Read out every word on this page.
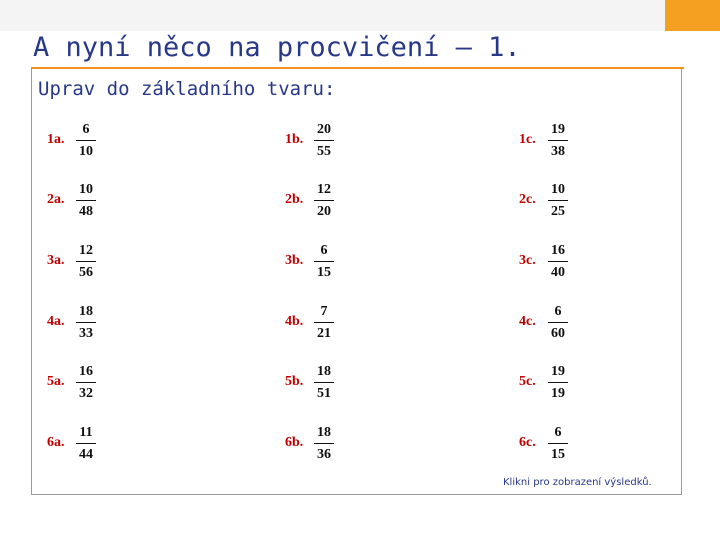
A nyní něco na procvičení – 1.
Uprav do základního tvaru:
1a.
6
10
1b.
20
55
1c.
19
38
2a.
10
48
2b.
12
20
2c.
10
25
3a.
12
56
3b.
6
15
3c.
16
40
4a.
18
33
4b.
7
21
4c.
6
60
5a.
16
32
5b.
18
51
5c.
19
19
6a.
11
44
6b.
18
36
6c.
6
15
Klikni pro zobrazení výsledků.
